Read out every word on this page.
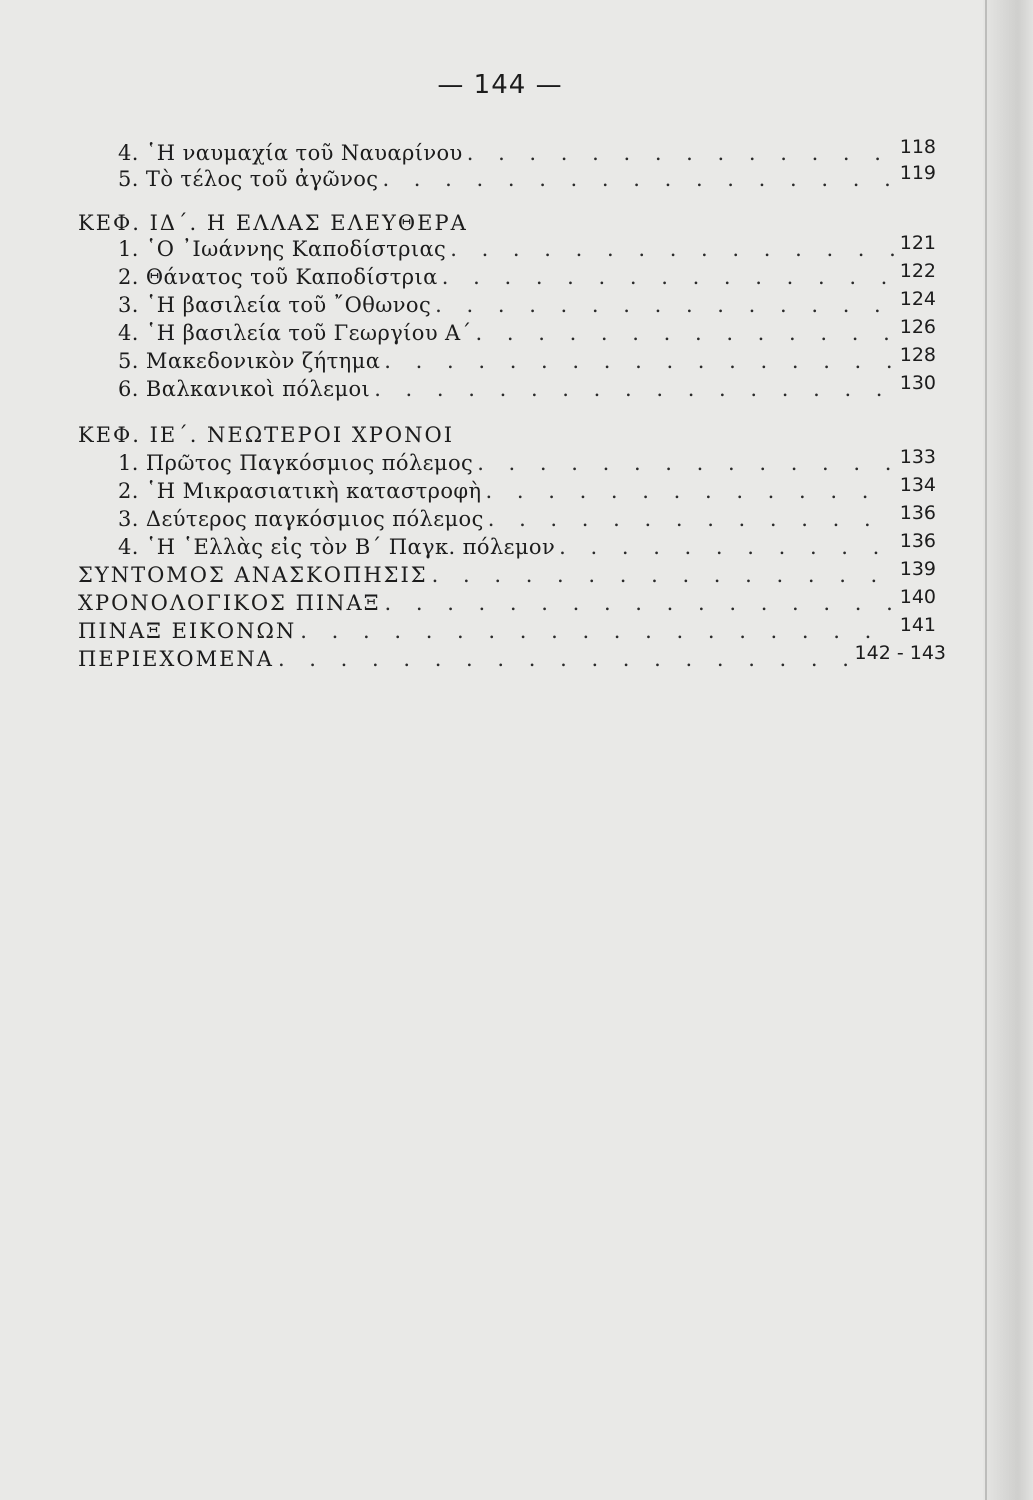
— 144 —
4. ῾Η ναυμαχία τοῦ Ναυαρίνου . . .	118
5. Τὸ τέλος τοῦ ἀγῶνος . . .	119
ΚΕΦ. ΙΔ΄. Η ΕΛΛΑΣ ΕΛΕΥΘΕΡΑ
1. ῾Ο ᾿Ιωάννης Καποδίστριας . . .	121
2. Θάνατος τοῦ Καποδίστρια . . .	122
3. ῾Η βασιλεία τοῦ ῎Οθωνος . . .	124
4. ῾Η βασιλεία τοῦ Γεωργίου Α΄ . . .	126
5. Μακεδονικὸν ζήτημα . . .	128
6. Βαλκανικοὶ πόλεμοι . . .	130
ΚΕΦ. ΙΕ΄. ΝΕΩΤΕΡΟΙ ΧΡΟΝΟΙ
1. Πρῶτος Παγκόσμιος πόλεμος . . .	133
2. ῾Η Μικρασιατικὴ καταστροφὴ . . .	134
3. Δεύτερος παγκόσμιος πόλεμος . . .	136
4. ῾Η ῾Ελλὰς εἰς τὸν Β΄ Παγκ. πόλεμον . . .	136
ΣΥΝΤΟΜΟΣ ΑΝΑΣΚΟΠΗΣΙΣ . . .	139
ΧΡΟΝΟΛΟΓΙΚΟΣ ΠΙΝΑΞ . . .	140
ΠΙΝΑΞ ΕΙΚΟΝΩΝ . . .	141
ΠΕΡΙΕΧΟΜΕΝΑ . . .	142 - 143
